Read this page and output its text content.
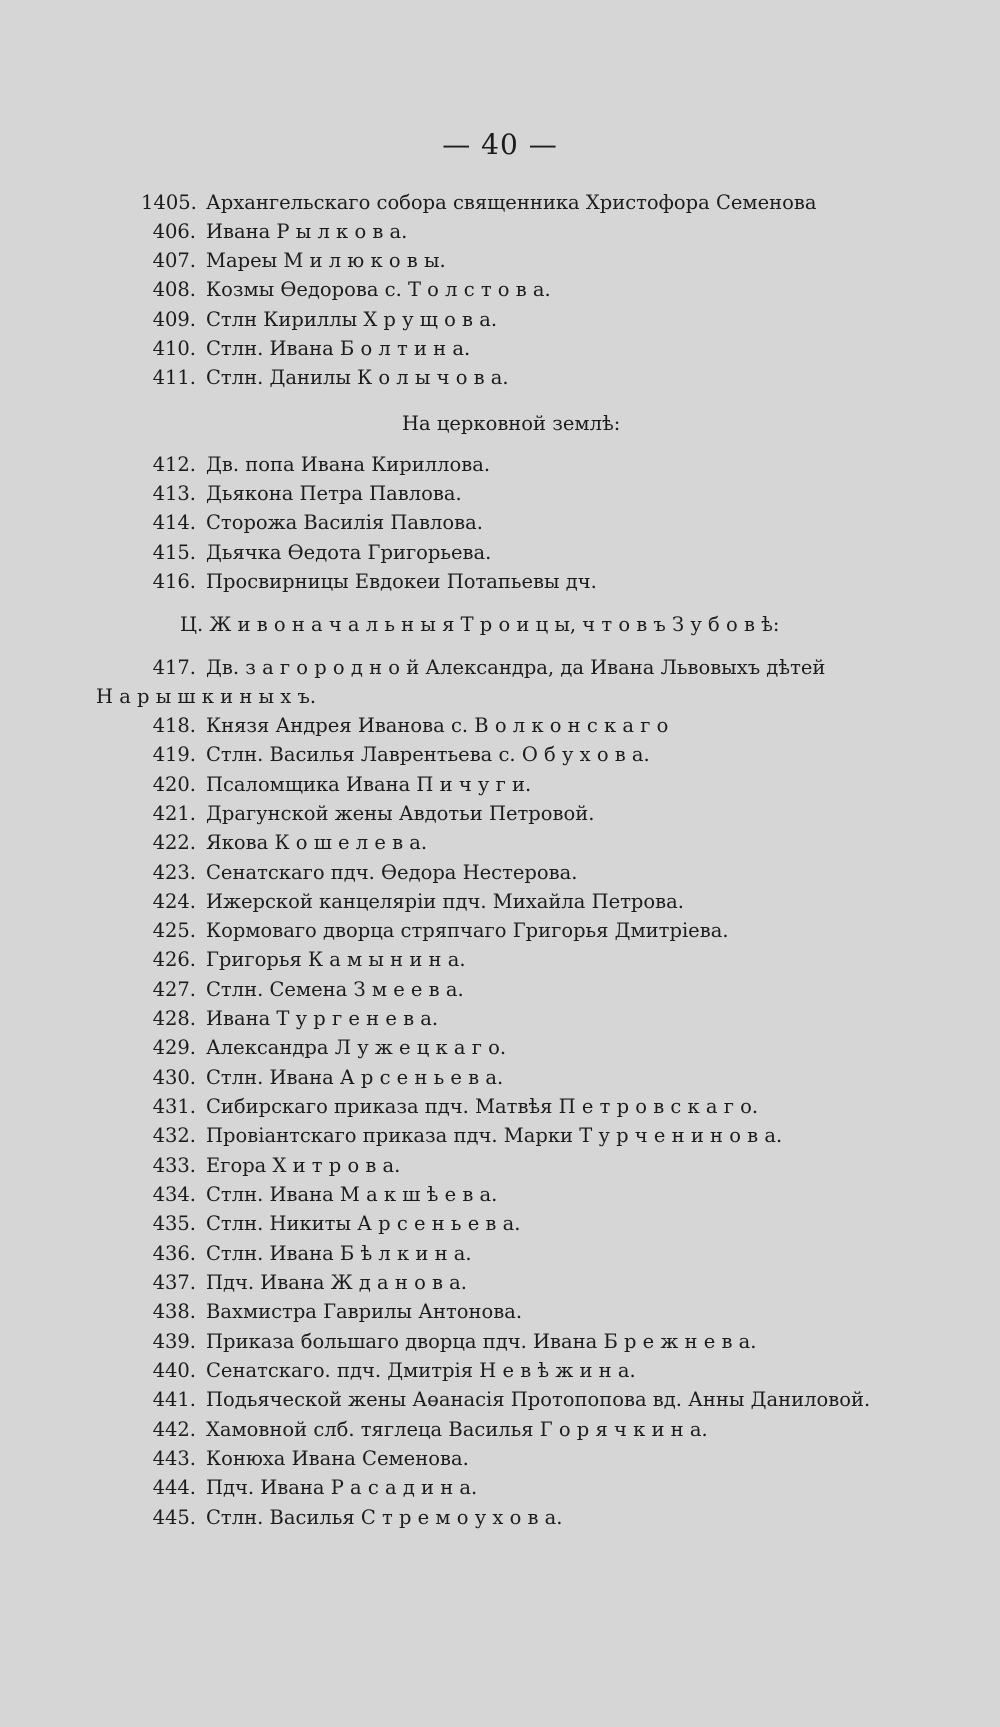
— 40 —
1405. Архангельскаго собора священника Христофора Семенова
406. Ивана Р ы л к о в а.
407. Мареы М и л ю к о в ы.
408. Козмы Өедорова с. Т о л с т о в а.
409. Стлн Кириллы Х р у щ о в а.
410. Стлн. Ивана Б о л т и н а.
411. Стлн. Данилы К о л ы ч о в а.
На церковной землѣ:
412. Дв. попа Ивана Кириллова.
413. Дьякона Петра Павлова.
414. Сторожа Василія Павлова.
415. Дьячка Өедота Григорьева.
416. Просвирницы Евдокеи Потапьевы дч.
Ц. Ж и в о н а ч а л ь н ы я Т р о и ц ы, ч т о в ъ З у б о в ѣ:
417. Дв. з а г о р о д н о й Александра, да Ивана Львовыхъ дѣтей
Н а р ы ш к и н ы х ъ.
418. Князя Андрея Иванова с. В о л к о н с к а г о
419. Стлн. Василья Лаврентьева с. О б у х о в а.
420. Псаломщика Ивана П и ч у г и.
421. Драгунской жены Авдотьи Петровой.
422. Якова К о ш е л е в а.
423. Сенатскаго пдч. Өедора Нестерова.
424. Ижерской канцеляріи пдч. Михайла Петрова.
425. Кормоваго дворца стряпчаго Григорья Дмитріева.
426. Григорья К а м ы н и н а.
427. Стлн. Семена З м е е в а.
428. Ивана Т у р г е н е в а.
429. Александра Л у ж е ц к а г о.
430. Стлн. Ивана А р с е н ь е в а.
431. Сибирскаго приказа пдч. Матвѣя П е т р о в с к а г о.
432. Провіантскаго приказа пдч. Марки Т у р ч е н и н о в а.
433. Егора Х и т р о в а.
434. Стлн. Ивана М а к ш ѣ е в а.
435. Стлн. Никиты А р с е н ь е в а.
436. Стлн. Ивана Б ѣ л к и н а.
437. Пдч. Ивана Ж д а н о в а.
438. Вахмистра Гаврилы Антонова.
439. Приказа большаго дворца пдч. Ивана Б р е ж н е в а.
440. Сенатскаго. пдч. Дмитрія Н е в ѣ ж и н а.
441. Подьяческой жены Аөанасія Протопопова вд. Анны Даниловой.
442. Хамовной слб. тяглеца Василья Г о р я ч к и н а.
443. Конюха Ивана Семенова.
444. Пдч. Ивана Р а с а д и н а.
445. Стлн. Василья С т р е м о у х о в а.
